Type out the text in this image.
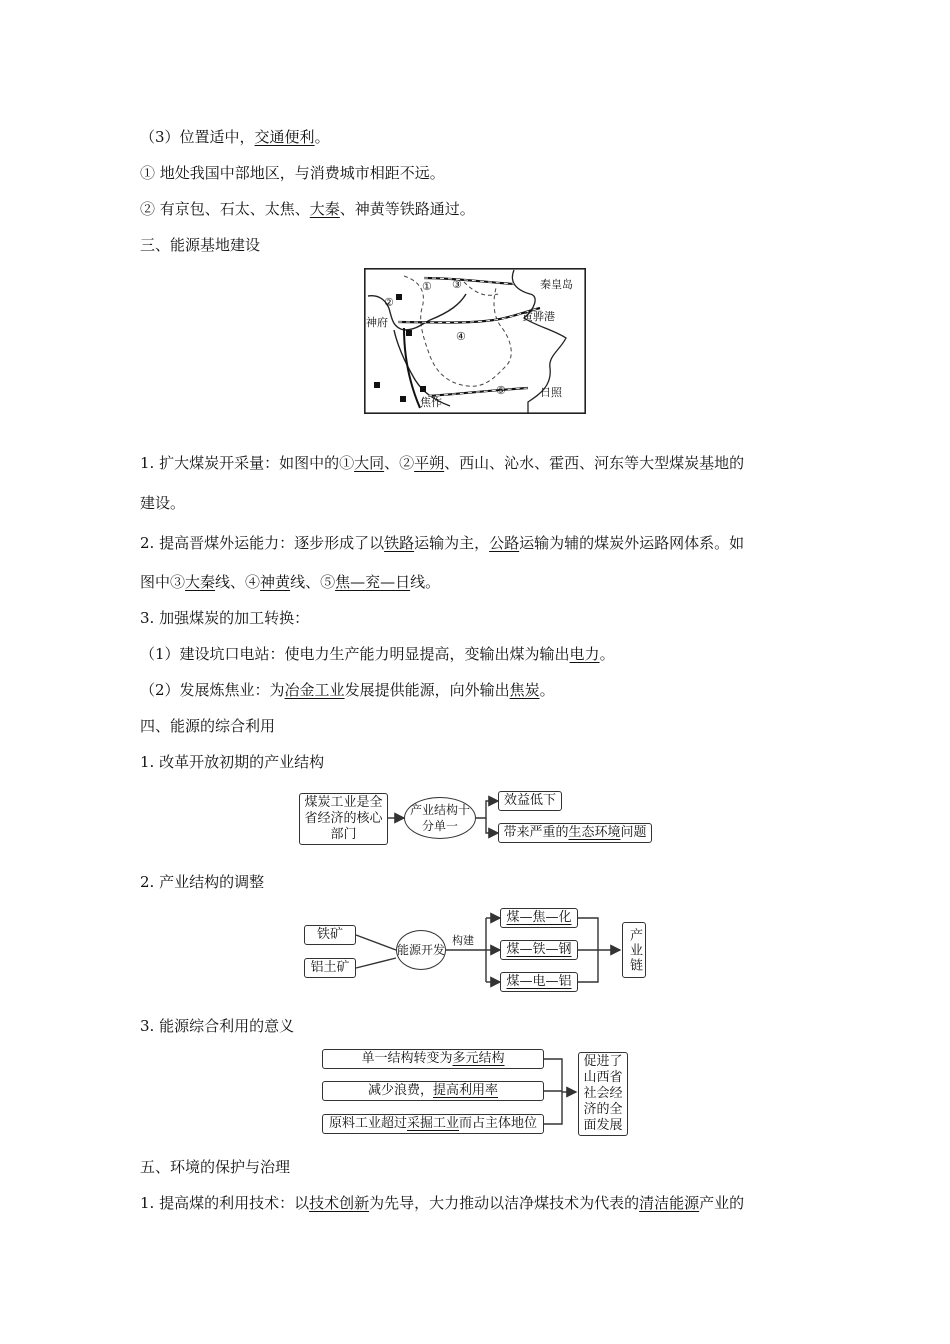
（3）位置适中，交通便利。
① 地处我国中部地区，与消费城市相距不远。
② 有京包、石太、太焦、大秦、神黄等铁路通过。
三、能源基地建设
①
②
③
④
⑤
秦皇岛
黄骅港
神府
焦作
日照
1. 扩大煤炭开采量：如图中的①大同、②平朔、西山、沁水、霍西、河东等大型煤炭基地的
建设。
2. 提高晋煤外运能力：逐步形成了以铁路运输为主，公路运输为辅的煤炭外运路网体系。如
图中③大秦线、④神黄线、⑤焦—兖—日线。
3. 加强煤炭的加工转换：
（1）建设坑口电站：使电力生产能力明显提高，变输出煤为输出电力。
（2）发展炼焦业：为冶金工业发展提供能源，向外输出焦炭。
四、能源的综合利用
1. 改革开放初期的产业结构
煤炭工业是全省经济的核心部门
产业结构十分单一
效益低下
带来严重的 生态环境 问题
2. 产业结构的调整
铁矿
铝土矿
能源开发
构建
煤—焦—化
煤—铁—钢
煤—电—铝
产业链
3. 能源综合利用的意义
单一结构转变为 多元结构
减少浪费， 提高利用率
原料工业超过 采掘工业 而占主体地位
促进了山西省社会经济的全面发展
五、环境的保护与治理
1. 提高煤的利用技术：以技术创新为先导，大力推动以洁净煤技术为代表的清洁能源产业的
